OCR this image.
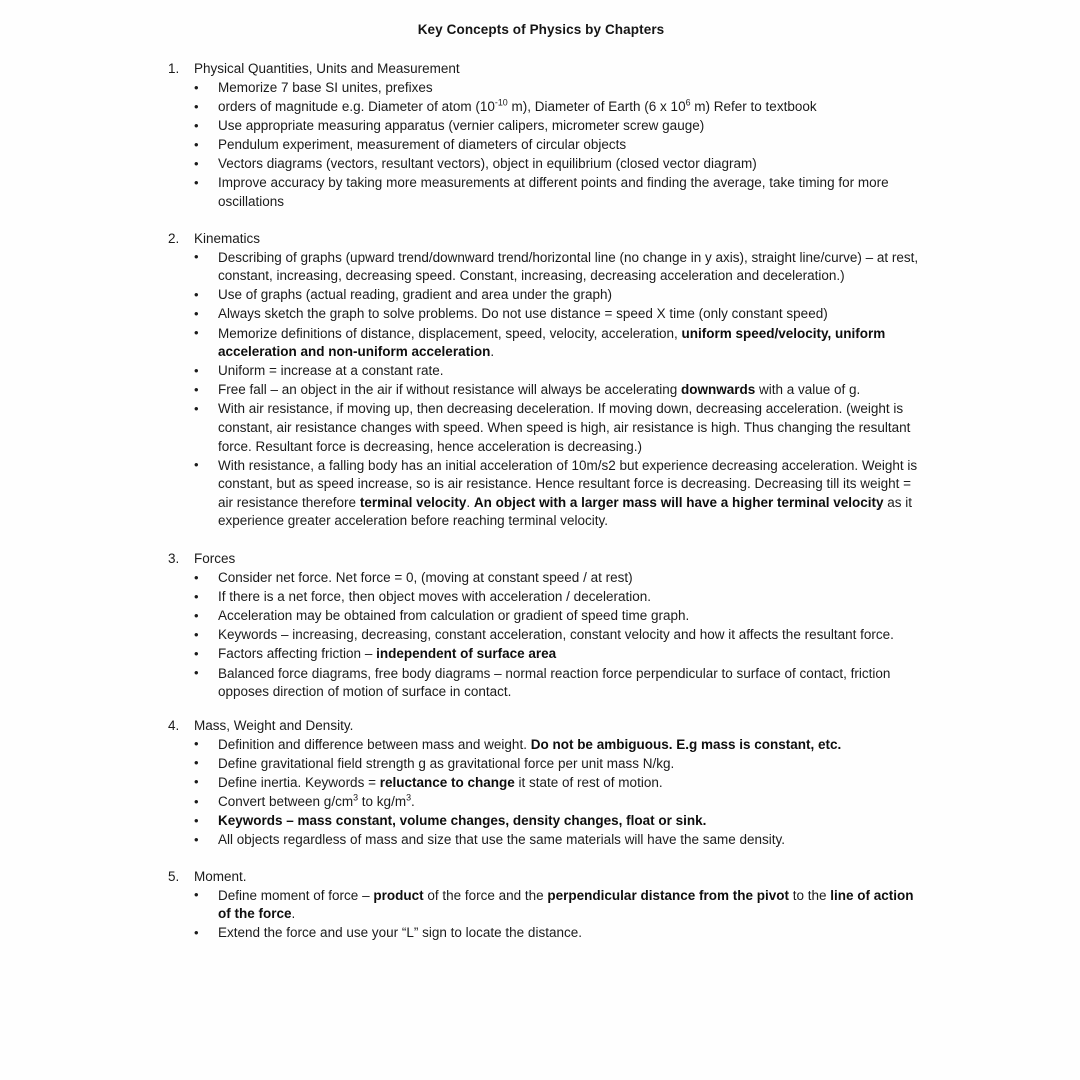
Key Concepts of Physics by Chapters
1.	Physical Quantities, Units and Measurement
• Memorize 7 base SI unites, prefixes
• orders of magnitude e.g. Diameter of atom ($10^{-10}$ m), Diameter of Earth (6 x $10^6$ m) Refer to textbook
• Use appropriate measuring apparatus (vernier calipers, micrometer screw gauge)
• Pendulum experiment, measurement of diameters of circular objects
• Vectors diagrams (vectors, resultant vectors), object in equilibrium (closed vector diagram)
• Improve accuracy by taking more measurements at different points and finding the average, take timing for more oscillations
2.	Kinematics
• Describing of graphs (upward trend/downward trend/horizontal line (no change in y axis), straight line/curve) – at rest, constant, increasing, decreasing speed. Constant, increasing, decreasing acceleration and deceleration.)
• Use of graphs (actual reading, gradient and area under the graph)
• Always sketch the graph to solve problems. Do not use distance = speed X time (only constant speed)
• Memorize definitions of distance, displacement, speed, velocity, acceleration, uniform speed/velocity, uniform acceleration and non-uniform acceleration.
• Uniform = increase at a constant rate.
• Free fall – an object in the air if without resistance will always be accelerating downwards with a value of g.
• With air resistance, if moving up, then decreasing deceleration. If moving down, decreasing acceleration. (weight is constant, air resistance changes with speed. When speed is high, air resistance is high. Thus changing the resultant force. Resultant force is decreasing, hence acceleration is decreasing.)
• With resistance, a falling body has an initial acceleration of 10m/s2 but experience decreasing acceleration. Weight is constant, but as speed increase, so is air resistance. Hence resultant force is decreasing. Decreasing till its weight = air resistance therefore terminal velocity. An object with a larger mass will have a higher terminal velocity as it experience greater acceleration before reaching terminal velocity.
3.	Forces
• Consider net force. Net force = 0, (moving at constant speed / at rest)
• If there is a net force, then object moves with acceleration / deceleration.
• Acceleration may be obtained from calculation or gradient of speed time graph.
• Keywords – increasing, decreasing, constant acceleration, constant velocity and how it affects the resultant force.
• Factors affecting friction – independent of surface area
• Balanced force diagrams, free body diagrams – normal reaction force perpendicular to surface of contact, friction opposes direction of motion of surface in contact.
4.	Mass, Weight and Density.
• Definition and difference between mass and weight. Do not be ambiguous. E.g mass is constant, etc.
• Define gravitational field strength g as gravitational force per unit mass N/kg.
• Define inertia. Keywords = reluctance to change it state of rest of motion.
• Convert between $g/cm^3$ to $kg/m^3$.
• Keywords – mass constant, volume changes, density changes, float or sink.
• All objects regardless of mass and size that use the same materials will have the same density.
5.	Moment.
• Define moment of force – product of the force and the perpendicular distance from the pivot to the line of action of the force.
• Extend the force and use your “L” sign to locate the distance.
